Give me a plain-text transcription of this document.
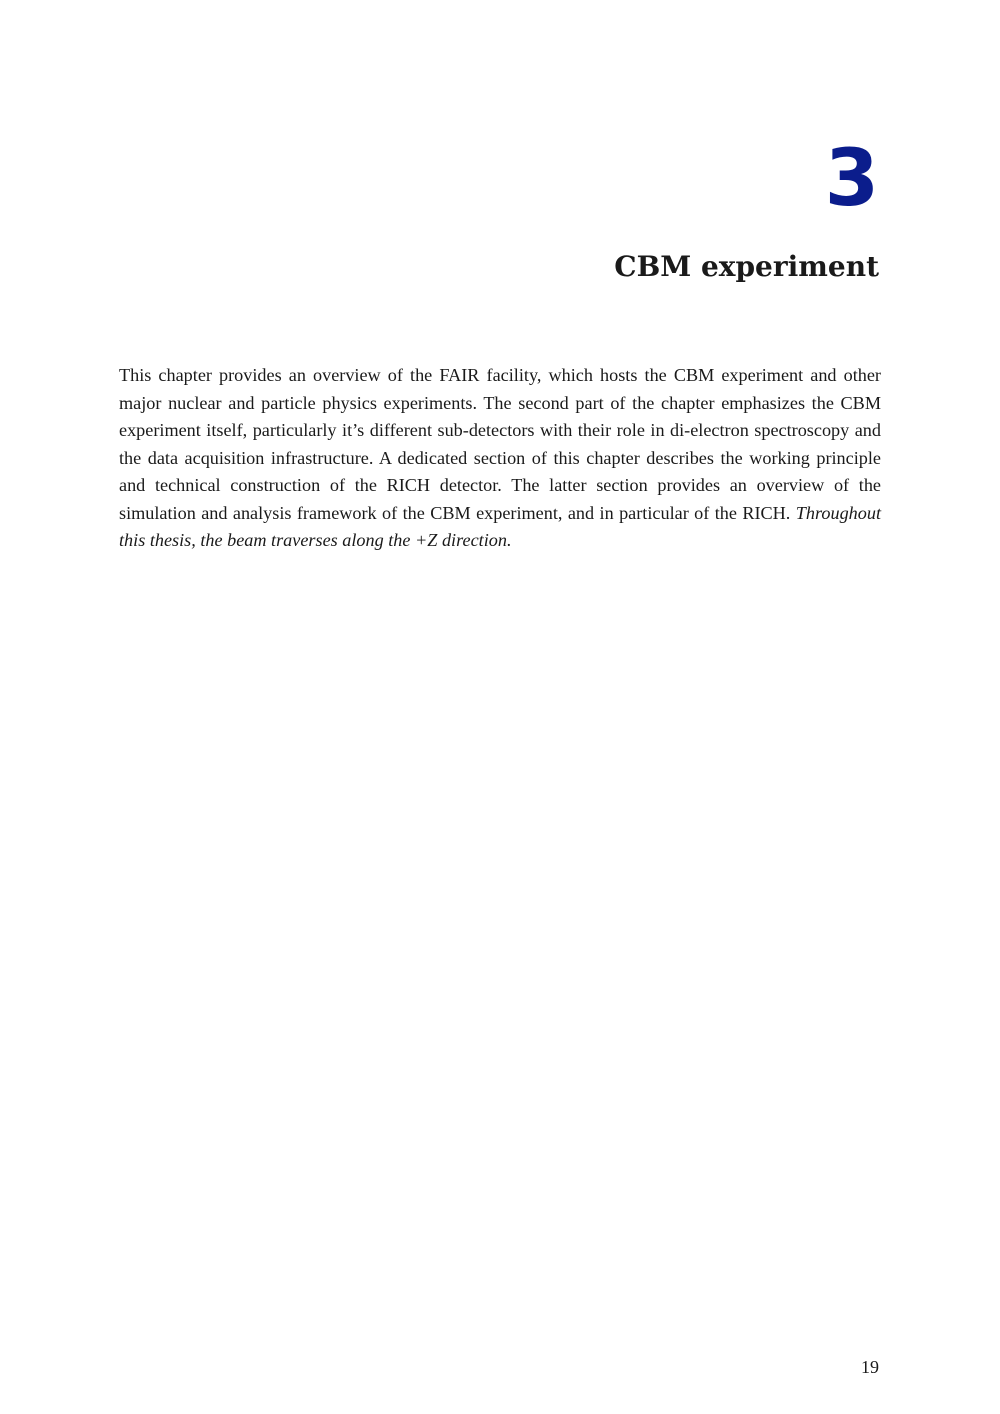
3
CBM experiment

This chapter provides an overview of the FAIR facility, which hosts the CBM experiment and other major nuclear and particle physics experiments. The second part of the chapter emphasizes the CBM experiment itself, particularly it’s different sub-detectors with their role in di-electron spectroscopy and the data acquisition infrastructure. A dedicated section of this chapter describes the working principle and technical construction of the RICH detector. The latter section provides an overview of the simulation and analysis framework of the CBM experiment, and in particular of the RICH. Throughout this thesis, the beam traverses along the +Z direction.

19
